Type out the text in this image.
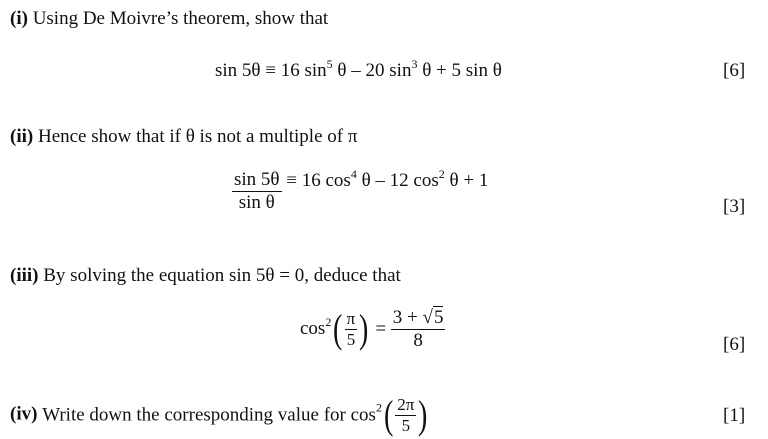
(i) Using De Moivre’s theorem, show that
sin 5θ ≡ 16 $\sin^5 \theta - 20$ $\sin^3 \theta + 5$ sin θ	[6]
(ii) Hence show that if θ is not a multiple of π
$\frac{\sin 5\theta}{\text{sin θ}} \equiv 16$ $\cos^4 \theta - 12$ $\cos^2 \theta + 1$
[3]
(iii) By solving the equation sin 5θ = 0, deduce that
$\cos^2$ ( $\frac{\pi}{5}$ ) = $\frac{3 + √5}{8}$	[6]
(iv) Write down the corresponding value for $\cos^2$ ( $\frac{2\pi}{5}$ )	[1]
